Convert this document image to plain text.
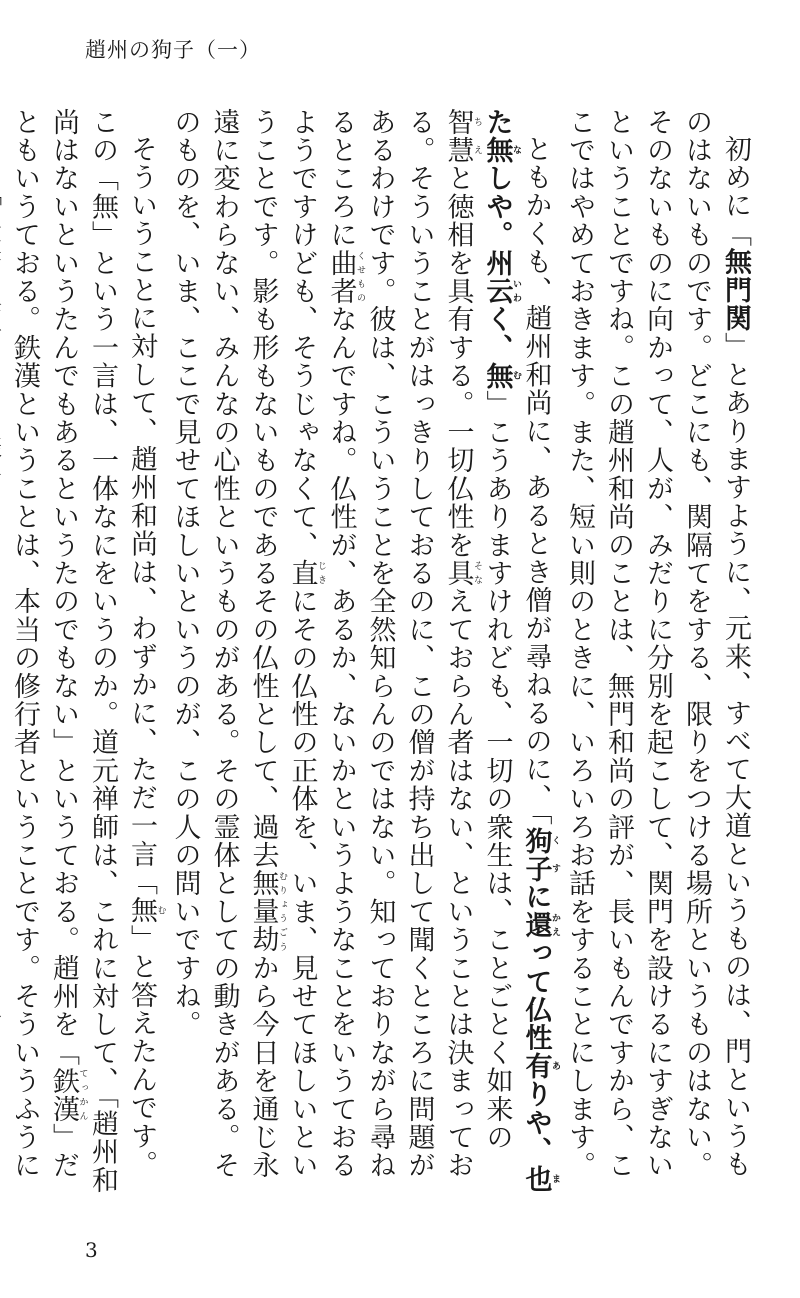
趙州の狗子（一）

初めに「無門関」とありますように、元来、すべて大道というものは、門というものはないものです。どこにも、関隔てをする、限りをつける場所というものはない。そのないものに向かって、人が、みだりに分別を起こして、関門を設けるにすぎないということですね。この趙州和尚のことは、無門和尚の評が、長いもんですから、ここではやめておきます。また、短い則のときに、いろいろお話をすることにします。

ともかくも、趙州和尚に、あるとき僧が尋ねるのに、「狗子くすに還かえって仏性有ありや、也また無なしや。州云いわく、無む」こうありますけれども、一切の衆生は、ことごとく如来の智慧ちえと徳相を具有する。一切仏性を具そなえておらん者はない、ということは決まっておる。そういうことがはっきりしておるのに、この僧が持ち出して聞くところに問題があるわけです。彼は、こういうことを全然知らんのではない。知っておりながら尋ねるところに曲者くせものなんですね。仏性が、あるか、ないかというようなことをいうておるようですけども、そうじゃなくて、直じきにその仏性の正体を、いま、見せてほしいということです。影も形もないものであるその仏性として、過去無量劫むりょうごうから今日を通じ永遠に変わらない、みんなの心性というものがある。その霊体としての動きがある。そのものを、いま、ここで見せてほしいというのが、この人の問いですね。

そういうことに対して、趙州和尚は、わずかに、ただ一言「無む」と答えたんです。この「無」という一言は、一体なにをいうのか。道元禅師は、これに対して、「趙州和尚はないというたんでもあるというたのでもない」というておる。趙州を「鉄漢てっかん」だともいうておる。鉄漢ということは、本当の修行者ということです。そういうふうに

3
